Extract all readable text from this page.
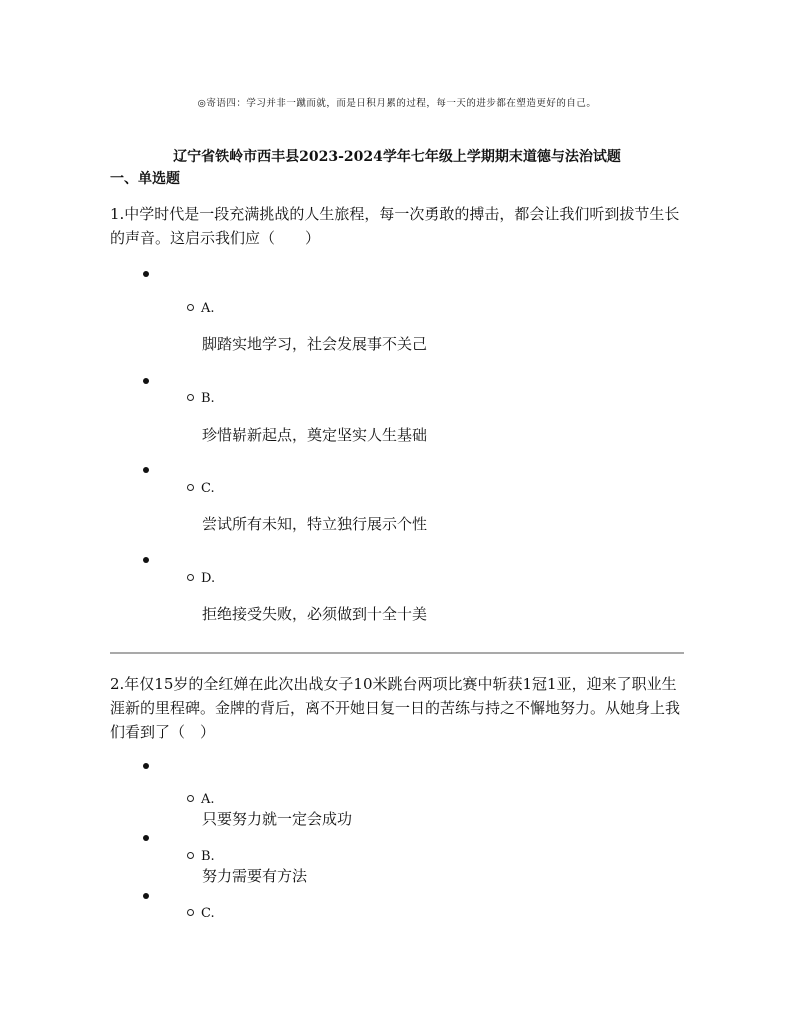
◎寄语四：学习并非一蹴而就，而是日积月累的过程，每一天的进步都在塑造更好的自己。
辽宁省铁岭市西丰县2023-2024学年七年级上学期期末道德与法治试题
一、单选题
1.中学时代是一段充满挑战的人生旅程，每一次勇敢的搏击，都会让我们听到拔节生长的声音。这启示我们应（　　）
A.
脚踏实地学习，社会发展事不关己
B.
珍惜崭新起点，奠定坚实人生基础
C.
尝试所有未知，特立独行展示个性
D.
拒绝接受失败，必须做到十全十美
2.年仅15岁的全红婵在此次出战女子10米跳台两项比赛中斩获1冠1亚，迎来了职业生涯新的里程碑。金牌的背后，离不开她日复一日的苦练与持之不懈地努力。从她身上我们看到了（　）
A.
只要努力就一定会成功
B.
努力需要有方法
C.
